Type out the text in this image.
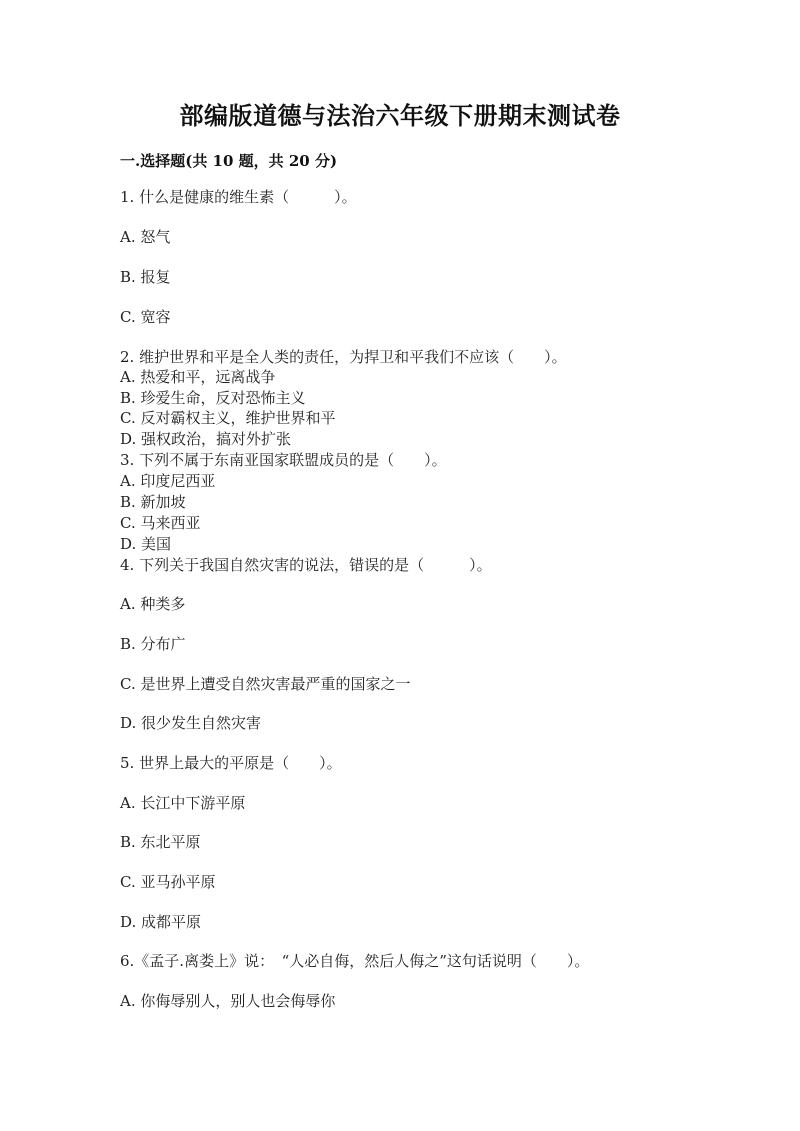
部编版道德与法治六年级下册期末测试卷
一.选择题(共 10 题，共 20 分)
1. 什么是健康的维生素（　　　）。
A. 怒气
B. 报复
C. 宽容
2. 维护世界和平是全人类的责任，为捍卫和平我们不应该（　　）。
A. 热爱和平，远离战争
B. 珍爱生命，反对恐怖主义
C. 反对霸权主义，维护世界和平
D. 强权政治，搞对外扩张
3. 下列不属于东南亚国家联盟成员的是（　　）。
A. 印度尼西亚
B. 新加坡
C. 马来西亚
D. 美国
4. 下列关于我国自然灾害的说法，错误的是（　　　）。
A. 种类多
B. 分布广
C. 是世界上遭受自然灾害最严重的国家之一
D. 很少发生自然灾害
5. 世界上最大的平原是（　　）。
A. 长江中下游平原
B. 东北平原
C. 亚马孙平原
D. 成都平原
6.《孟子.离娄上》说：　“人必自侮，然后人侮之”这句话说明（　　）。
A. 你侮辱别人，别人也会侮辱你
